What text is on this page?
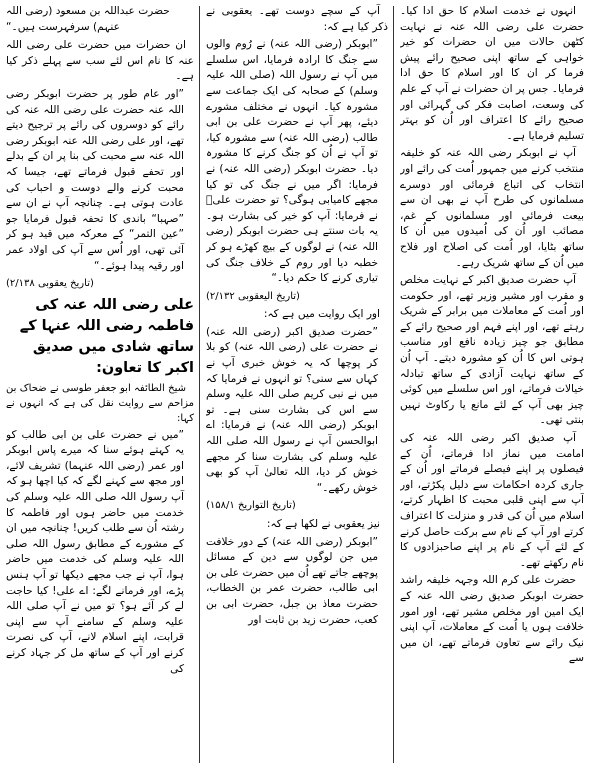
انہوں نے خدمت اسلام کا حق ادا کیا۔ حضرت علی رضی اللہ عنہ نے نہایت کٹھن حالات میں ان حضرات کو خیر خواہی کے ساتھ اپنی صحیح رائے پیش فرما کر ان کا اور اسلام کا حق ادا فرمایا۔ جس پر ان حضرات نے آپ کے علم کی وسعت، اصابت فکر کی گہرائی اور صحیح رائے کا اعتراف اور اُن کو بہتر تسلیم فرمایا ہے۔

آپ نے ابوبکر رضی اللہ عنہ کو خلیفہ منتخب کرنے میں جمہور اُمت کی رائے اور انتخاب کی اتباع فرمائی اور دوسرے مسلمانوں کی طرح آپ نے بھی ان سے بیعت فرمائی اور مسلمانوں کے غم، مصائب اور اُن کی اُمیدوں میں اُن کا ساتھ بٹایا، اور اُمت کی اصلاح اور فلاح میں اُن کے ساتھ شریک رہے۔

آپ حضرت صدیق اکبر کے نہایت مخلص و مقرب اور مشیر وزیر تھے، اور حکومت اور اُمت کے معاملات میں برابر کے شریک رہتے تھے، اور اپنے فہم اور صحیح رائے کے مطابق جو چیز زیادہ نافع اور مناسب ہوتی اس کا اُن کو مشورہ دیتے۔ آپ اُن کے ساتھ نہایت آزادی کے ساتھ تبادلہ خیالات فرماتے، اور اس سلسلے میں کوئی چیز بھی آپ کے لئے مانع یا رکاوٹ نہیں بنتی تھی۔

آپ صدیق اکبر رضی اللہ عنہ کی امامت میں نماز ادا فرماتے، اُن کے فیصلوں پر اپنے فیصلے فرماتے اور اُن کے جاری کردہ احکامات سے دلیل پکڑتے، اور آپ سے اپنی قلبی محبت کا اظہار کرتے، اسلام میں اُن کی قدر و منزلت کا اعتراف کرتے اور آپ کے نام سے برکت حاصل کرنے کے لئے آپ کے نام پر اپنے صاحبزادوں کا نام رکھتے تھے۔

حضرت علی کرم اللہ وجہہ خلیفہ راشد حضرت ابوبکر صدیق رضی اللہ عنہ کے ایک امین اور مخلص مشیر تھے، اور امور خلافت ہوں یا اُمت کے معاملات، آپ اپنی نیک رائے سے تعاون فرماتے تھے، ان میں سے

آپ کے سچے دوست تھے۔ یعقوبی نے ذکر کیا ہے کہ:

”ابوبکر (رضی اللہ عنہ) نے رُوم والوں سے جنگ کا ارادہ فرمایا، اس سلسلے میں آپ نے رسول اللہ (صلی اللہ علیہ وسلم) کے صحابہ کی ایک جماعت سے مشورہ کیا۔ انہوں نے مختلف مشورے دیئے، پھر آپ نے حضرت علی بن ابی طالب (رضی اللہ عنہ) سے مشورہ کیا، تو آپ نے اُن کو جنگ کرنے کا مشورہ دیا۔ حضرت ابوبکر (رضی اللہ عنہ) نے فرمایا: اگر میں نے جنگ کی تو کیا مجھے کامیابی ہوگی؟ تو حضرت علیؓ نے فرمایا: آپ کو خیر کی بشارت ہو۔ یہ بات سنتے ہی حضرت ابوبکر (رضی اللہ عنہ) نے لوگوں کے بیچ کھڑے ہو کر خطبہ دیا اور روم کے خلاف جنگ کی تیاری کرنے کا حکم دیا۔“

(تاریخ الیعقوبی ۲/۱۳۲)

اور ایک روایت میں ہے کہ:

”حضرت صدیق اکبر (رضی اللہ عنہ) نے حضرت علی (رضی اللہ عنہ) کو بلا کر پوچھا کہ یہ خوش خبری آپ نے کہاں سے سنی؟ تو انہوں نے فرمایا کہ میں نے نبی کریم صلی اللہ علیہ وسلم سے اس کی بشارت سنی ہے۔ تو ابوبکر (رضی اللہ عنہ) نے فرمایا: اے ابوالحسن آپ نے رسول اللہ صلی اللہ علیہ وسلم کی بشارت سنا کر مجھے خوش کر دیا، اللہ تعالیٰ آپ کو بھی خوش رکھے۔“

(تاریخ التواریخ ۱۵۸/۱)

نیز یعقوبی نے لکھا ہے کہ:

”ابوبکر (رضی اللہ عنہ) کے دور خلافت میں جن لوگوں سے دین کے مسائل پوچھے جاتے تھے اُن میں حضرت علی بن ابی طالب، حضرت عمر بن الخطاب، حضرت معاذ بن جبل، حضرت ابی بن کعب، حضرت زید بن ثابت اور

حضرت عبداللہ بن مسعود (رضی اللہ عنہم) سرفہرست ہیں۔“

ان حضرات میں حضرت علی رضی اللہ عنہ کا نام اس لئے سب سے پہلے ذکر کیا ہے۔

”اور عام طور پر حضرت ابوبکر رضی اللہ عنہ حضرت علی رضی اللہ عنہ کی رائے کو دوسروں کی رائے پر ترجیح دیتے تھے، اور علی رضی اللہ عنہ ابوبکر رضی اللہ عنہ سے محبت کی بنا پر ان کے بدلے اور تحفے قبول فرماتے تھے، جیسا کہ محبت کرنے والے دوست و احباب کی عادت ہوتی ہے۔ چنانچہ آپ نے ان سے ”صہبا“ باندی کا تحفہ قبول فرمایا جو ”عین التمر“ کے معرکہ میں قید ہو کر آئی تھی، اور اُس سے آپ کی اولاد عمر اور رقیہ پیدا ہوئے۔“

(تاریخ یعقوبی ۲/۱۳۸)

علی رضی اللہ عنہ کی فاطمہ رضی اللہ عنہا کے ساتھ شادی میں صدیق اکبر کا تعاون:

شیخ الطائفہ ابو جعفر طوسی نے ضحاک بن مزاحم سے روایت نقل کی ہے کہ انہوں نے کہا:

”میں نے حضرت علی بن ابی طالب کو یہ کہتے ہوئے سنا کہ میرے پاس ابوبکر اور عمر (رضی اللہ عنہما) تشریف لائے، اور مجھ سے کہنے لگے کہ کیا اچھا ہو کہ آپ رسول اللہ صلی اللہ علیہ وسلم کی خدمت میں حاضر ہوں اور فاطمہ کا رشتہ اُن سے طلب کریں! چنانچہ میں ان کے مشورے کے مطابق رسول اللہ صلی اللہ علیہ وسلم کی خدمت میں حاضر ہوا، آپ نے جب مجھے دیکھا تو آپ ہنس پڑے، اور فرمانے لگے: اے علی! کیا حاجت لے کر آئے ہو؟ تو میں نے آپ صلی اللہ علیہ وسلم کے سامنے آپ سے اپنی قرابت، اپنے اسلام لانے، آپ کی نصرت کرنے اور آپ کے ساتھ مل کر جہاد کرنے کی
